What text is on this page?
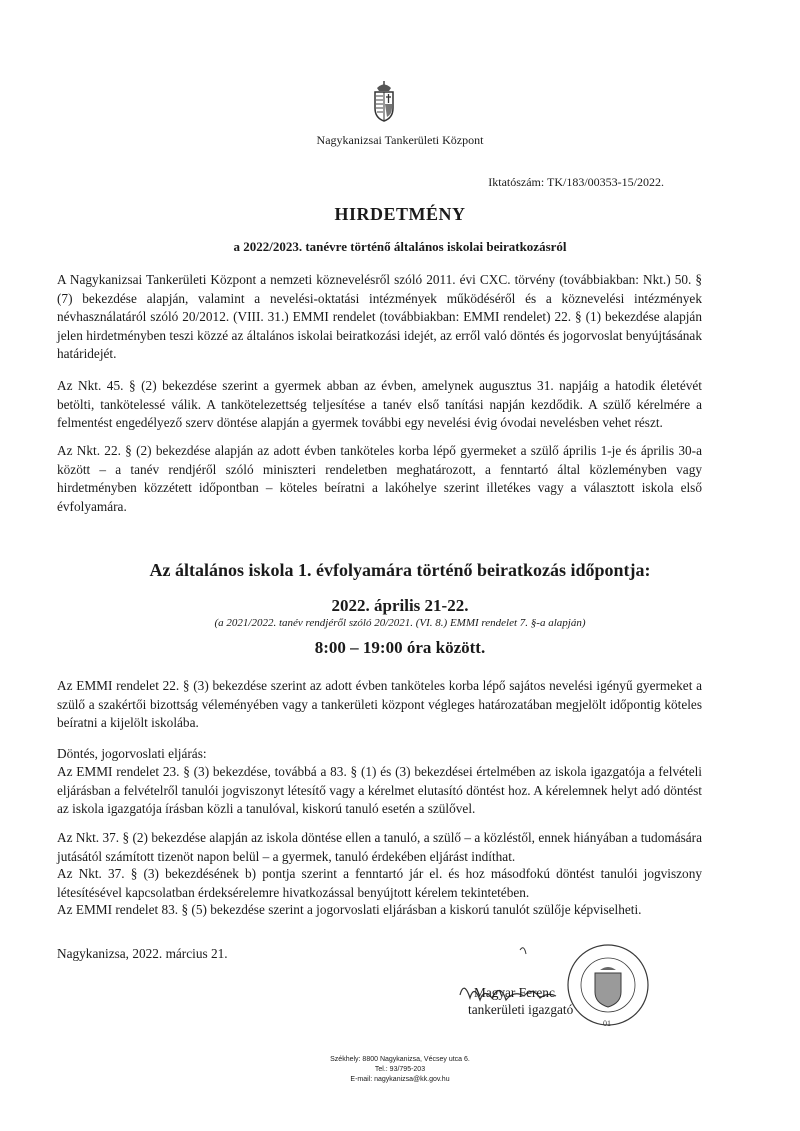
Nagykanizsai Tankerületi Központ
Iktatószám: TK/183/00353-15/2022.
HIRDETMÉNY
a 2022/2023. tanévre történő általános iskolai beiratkozásról
A Nagykanizsai Tankerületi Központ a nemzeti köznevelésről szóló 2011. évi CXC. törvény (továbbiakban: Nkt.) 50. § (7) bekezdése alapján, valamint a nevelési-oktatási intézmények működéséről és a köznevelési intézmények névhasználatáról szóló 20/2012. (VIII. 31.) EMMI rendelet (továbbiakban: EMMI rendelet) 22. § (1) bekezdése alapján jelen hirdetményben teszi közzé az általános iskolai beiratkozási idejét, az erről való döntés és jogorvoslat benyújtásának határidejét.
Az Nkt. 45. § (2) bekezdése szerint a gyermek abban az évben, amelynek augusztus 31. napjáig a hatodik életévét betölti, tankötelessé válik. A tankötelezettség teljesítése a tanév első tanítási napján kezdődik. A szülő kérelmére a felmentést engedélyező szerv döntése alapján a gyermek további egy nevelési évig óvodai nevelésben vehet részt.
Az Nkt. 22. § (2) bekezdése alapján az adott évben tanköteles korba lépő gyermeket a szülő április 1-je és április 30-a között – a tanév rendjéről szóló miniszteri rendeletben meghatározott, a fenntartó által közleményben vagy hirdetményben közzétett időpontban – köteles beíratni a lakóhelye szerint illetékes vagy a választott iskola első évfolyamára.
Az általános iskola 1. évfolyamára történő beiratkozás időpontja:
2022. április 21-22.
(a 2021/2022. tanév rendjéről szóló 20/2021. (VI. 8.) EMMI rendelet 7. §-a alapján)
8:00 – 19:00 óra között.
Az EMMI rendelet 22. § (3) bekezdése szerint az adott évben tanköteles korba lépő sajátos nevelési igényű gyermeket a szülő a szakértői bizottság véleményében vagy a tankerületi központ végleges határozatában megjelölt időpontig köteles beíratni a kijelölt iskolába.
Döntés, jogorvoslati eljárás:
Az EMMI rendelet 23. § (3) bekezdése, továbbá a 83. § (1) és (3) bekezdései értelmében az iskola igazgatója a felvételi eljárásban a felvételről tanulói jogviszonyt létesítő vagy a kérelmet elutasító döntést hoz. A kérelemnek helyt adó döntést az iskola igazgatója írásban közli a tanulóval, kiskorú tanuló esetén a szülővel.
Az Nkt. 37. § (2) bekezdése alapján az iskola döntése ellen a tanuló, a szülő – a közléstől, ennek hiányában a tudomására jutásától számított tizenöt napon belül – a gyermek, tanuló érdekében eljárást indíthat.
Az Nkt. 37. § (3) bekezdésének b) pontja szerint a fenntartó jár el. és hoz másodfokú döntést tanulói jogviszony létesítésével kapcsolatban érdeksérelemre hivatkozással benyújtott kérelem tekintetében.
Az EMMI rendelet 83. § (5) bekezdése szerint a jogorvoslati eljárásban a kiskorú tanulót szülője képviselheti.
Nagykanizsa, 2022. március 21.
01
Magyar Ferenc
tankerületi igazgató
Székhely: 8800 Nagykanizsa, Vécsey utca 6.
Tel.: 93/795-203
E-mail: nagykanizsa@kk.gov.hu
